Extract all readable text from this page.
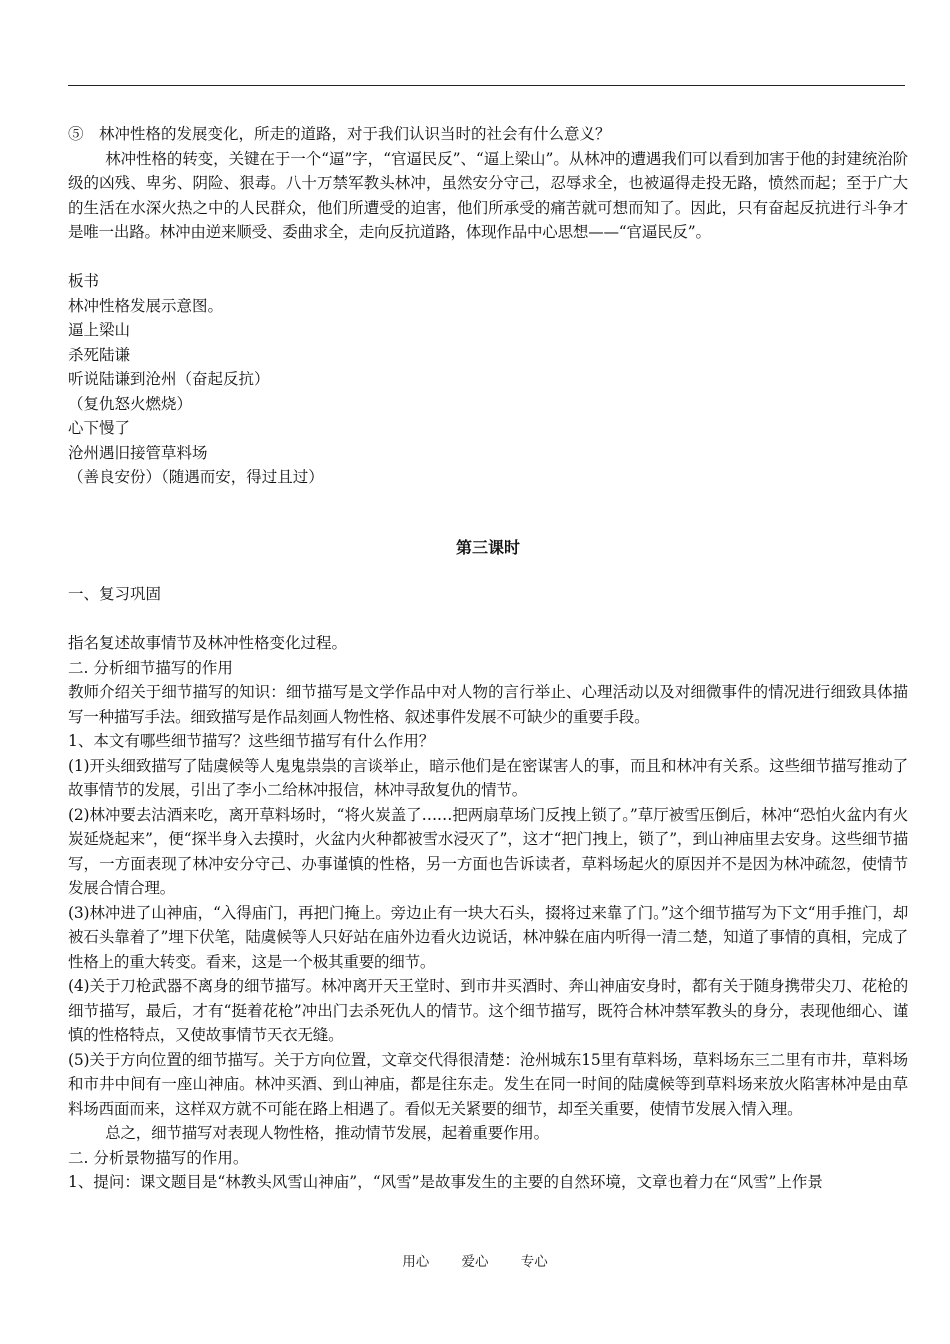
⑤　林冲性格的发展变化，所走的道路，对于我们认识当时的社会有什么意义？

林冲性格的转变，关键在于一个“逼”字，“官逼民反”、“逼上梁山”。从林冲的遭遇我们可以看到加害于他的封建统治阶级的凶残、卑劣、阴险、狠毒。八十万禁军教头林冲，虽然安分守己，忍辱求全，也被逼得走投无路，愤然而起；至于广大的生活在水深火热之中的人民群众，他们所遭受的迫害，他们所承受的痛苦就可想而知了。因此，只有奋起反抗进行斗争才是唯一出路。林冲由逆来顺受、委曲求全，走向反抗道路，体现作品中心思想——“官逼民反”。

板书

林冲性格发展示意图。

逼上梁山

杀死陆谦

听说陆谦到沧州（奋起反抗）

（复仇怒火燃烧）

心下慢了

沧州遇旧接管草料场

（善良安份）（随遇而安，得过且过）

第三课时

一、复习巩固

指名复述故事情节及林冲性格变化过程。

二. 分析细节描写的作用

教师介绍关于细节描写的知识：细节描写是文学作品中对人物的言行举止、心理活动以及对细微事件的情况进行细致具体描写一种描写手法。细致描写是作品刻画人物性格、叙述事件发展不可缺少的重要手段。

1、本文有哪些细节描写？这些细节描写有什么作用？

(1)开头细致描写了陆虞候等人鬼鬼祟祟的言谈举止，暗示他们是在密谋害人的事，而且和林冲有关系。这些细节描写推动了故事情节的发展，引出了李小二给林冲报信，林冲寻敌复仇的情节。

(2)林冲要去沽酒来吃，离开草料场时，“将火炭盖了……把两扇草场门反拽上锁了。”草厅被雪压倒后，林冲“恐怕火盆内有火炭延烧起来”，便“探半身入去摸时，火盆内火种都被雪水浸灭了”，这才“把门拽上，锁了”，到山神庙里去安身。这些细节描写，一方面表现了林冲安分守己、办事谨慎的性格，另一方面也告诉读者，草料场起火的原因并不是因为林冲疏忽，使情节发展合情合理。

(3)林冲进了山神庙，“入得庙门，再把门掩上。旁边止有一块大石头，掇将过来靠了门。”这个细节描写为下文“用手推门，却被石头靠着了”埋下伏笔，陆虞候等人只好站在庙外边看火边说话，林冲躲在庙内听得一清二楚，知道了事情的真相，完成了性格上的重大转变。看来，这是一个极其重要的细节。

(4)关于刀枪武器不离身的细节描写。林冲离开天王堂时、到市井买酒时、奔山神庙安身时，都有关于随身携带尖刀、花枪的细节描写，最后，才有“挺着花枪”冲出门去杀死仇人的情节。这个细节描写，既符合林冲禁军教头的身分，表现他细心、谨慎的性格特点，又使故事情节天衣无缝。

(5)关于方向位置的细节描写。关于方向位置，文章交代得很清楚：沧州城东15里有草料场，草料场东三二里有市井，草料场和市井中间有一座山神庙。林冲买酒、到山神庙，都是往东走。发生在同一时间的陆虞候等到草料场来放火陷害林冲是由草料场西面而来，这样双方就不可能在路上相遇了。看似无关紧要的细节，却至关重要，使情节发展入情入理。

总之，细节描写对表现人物性格，推动情节发展，起着重要作用。

二. 分析景物描写的作用。

1、提问：课文题目是“林教头风雪山神庙”，“风雪”是故事发生的主要的自然环境，文章也着力在“风雪”上作景

用心 爱心 专心
